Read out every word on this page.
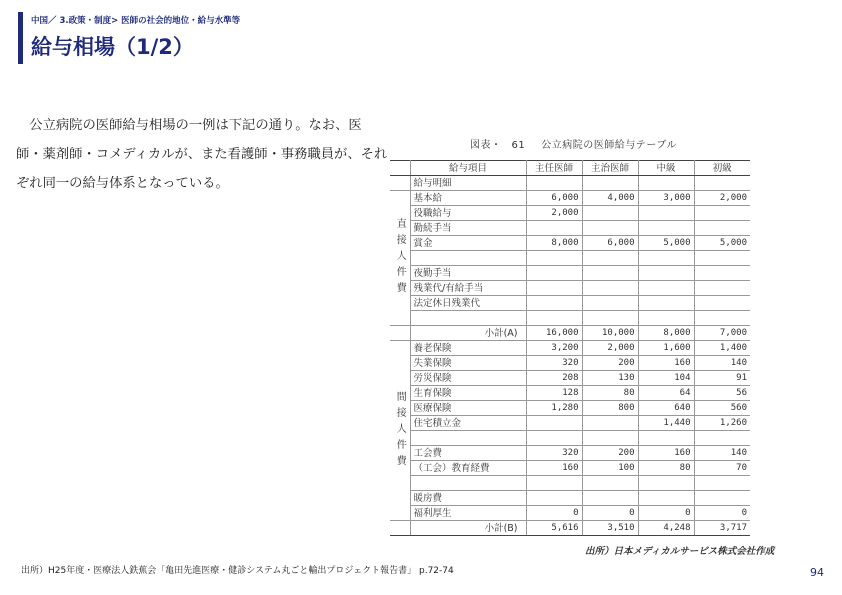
中国／ 3.政策・制度> 医師の社会的地位・給与水準等
給与相場（1/2）

公立病院の医師給与相場の一例は下記の通り。なお、医師・薬剤師・コメディカルが、また看護師・事務職員が、それぞれ同一の給与体系となっている。

図表・ 61 公立病院の医師給与テーブル
	給与項目	主任医師	主治医師	中級	初級
	給与明細				
直接人件費	基本給	6,000	4,000	3,000	2,000
	役職給与	2,000			
	勤続手当				
	賞金	8,000	6,000	5,000	5,000

	夜勤手当				
	残業代/有給手当				
	法定休日残業代				

	小計(A)	16,000	10,000	8,000	7,000
間接人件費	養老保険	3,200	2,000	1,600	1,400
	失業保険	320	200	160	140
	労災保険	208	130	104	91
	生育保険	128	80	64	56
	医療保険	1,280	800	640	560
	住宅積立金			1,440	1,260

	工会費	320	200	160	140
	（工会）教育経費	160	100	80	70

	暖房費				
	福利厚生	0	0	0	0
	小計(B)	5,616	3,510	4,248	3,717
出所）日本メディカルサービス株式会社作成
出所）H25年度・医療法人鉄蕉会「亀田先進医療・健診システム丸ごと輸出プロジェクト報告書」 p.72-74	94
